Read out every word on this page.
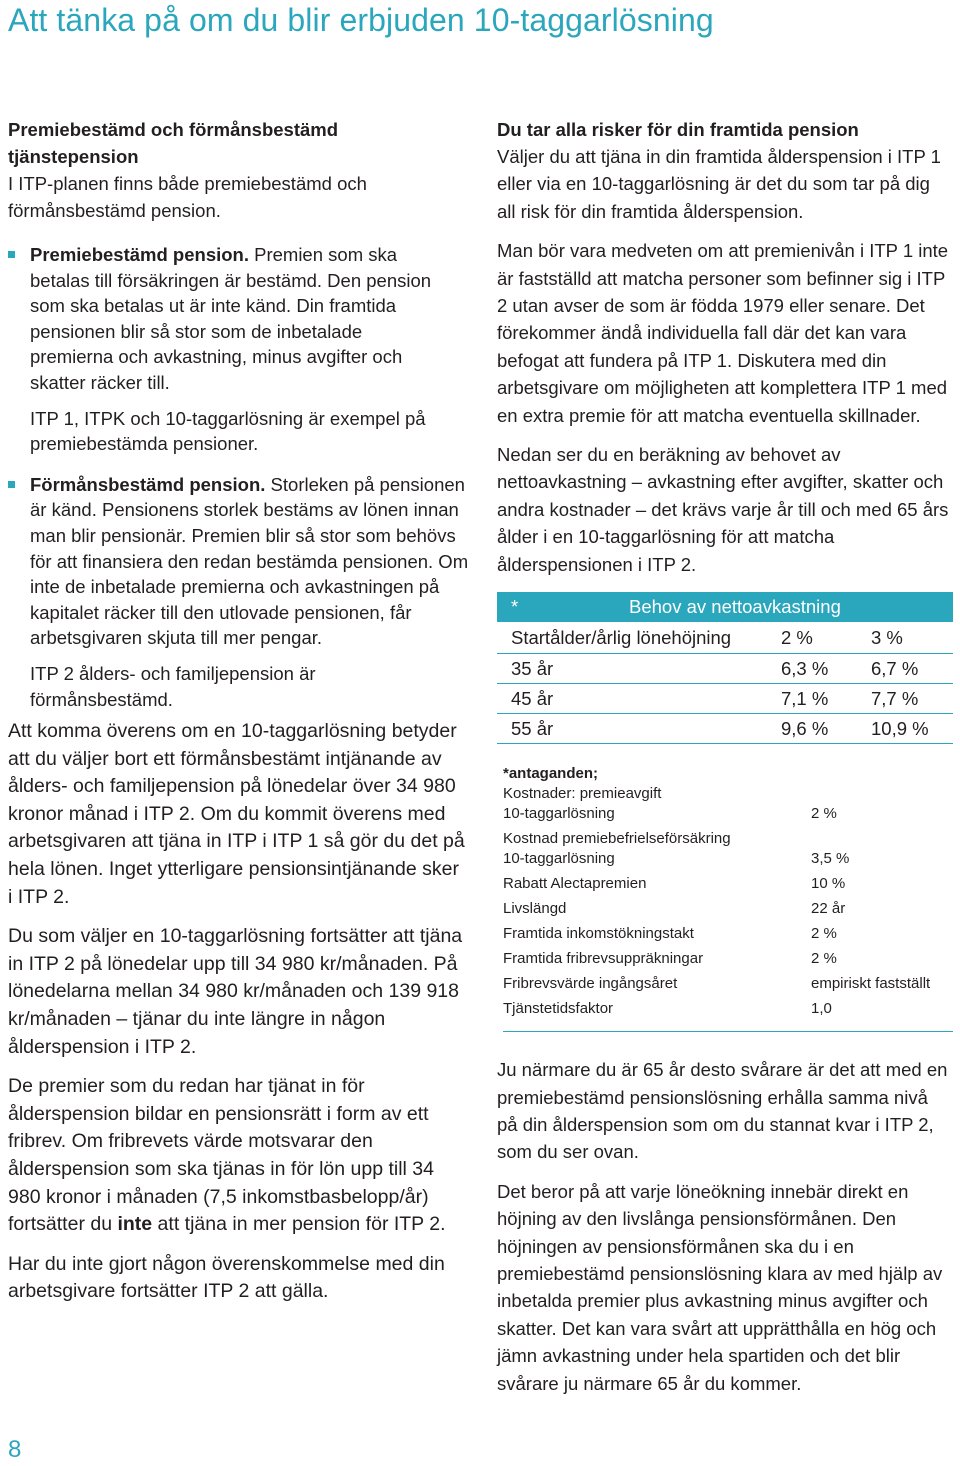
Att tänka på om du blir erbjuden 10-taggarlösning
Premiebestämd och förmånsbestämd
tjänstepension

I ITP-planen finns både premiebestämd och förmånsbestämd pension.

Premiebestämd pension. Premien som ska betalas till försäkringen är bestämd. Den pension som ska betalas ut är inte känd. Din framtida pensionen blir så stor som de inbetalade premierna och avkastning, minus avgifter och skatter räcker till.
ITP 1, ITPK och 10-taggarlösning är exempel på premiebestämda pensioner.
Förmånsbestämd pension. Storleken på pensionen är känd. Pensionens storlek bestäms av lönen innan man blir pensionär. Premien blir så stor som behövs för att finansiera den redan bestämda pensionen. Om inte de inbetalade premierna och avkastningen på kapitalet räcker till den utlovade pensionen, får arbetsgivaren skjuta till mer pengar.
ITP 2 ålders- och familjepension är förmånsbestämd.

Att komma överens om en 10-taggarlösning betyder att du väljer bort ett förmånsbestämt intjänande av ålders- och familjepension på lönedelar över 34 980 kronor månad i ITP 2. Om du kommit överens med arbetsgivaren att tjäna in ITP i ITP 1 så gör du det på hela lönen. Inget ytterligare pensionsintjänande sker i ITP 2.

Du som väljer en 10-taggarlösning fortsätter att tjäna in ITP 2 på lönedelar upp till 34 980 kr/månaden. På lönedelarna mellan 34 980 kr/månaden och 139 918 kr/månaden – tjänar du inte längre in någon ålderspension i ITP 2.

De premier som du redan har tjänat in för ålderspension bildar en pensionsrätt i form av ett fribrev. Om fribrevets värde motsvarar den ålderspension som ska tjänas in för lön upp till 34 980 kronor i månaden (7,5 inkomstbasbelopp/år) fortsätter du inte att tjäna in mer pension för ITP 2.

Har du inte gjort någon överenskommelse med din arbetsgivare fortsätter ITP 2 att gälla.

Du tar alla risker för din framtida pension

Väljer du att tjäna in din framtida ålderspension i ITP 1 eller via en 10-taggarlösning är det du som tar på dig all risk för din framtida ålderspension.

Man bör vara medveten om att premienivån i ITP 1 inte är fastställd att matcha personer som befinner sig i ITP 2 utan avser de som är födda 1979 eller senare. Det förekommer ändå individuella fall där det kan vara befogat att fundera på ITP 1. Diskutera med din arbetsgivare om möjligheten att komplettera ITP 1 med en extra premie för att matcha eventuella skillnader.

Nedan ser du en beräkning av behovet av nettoavkastning – avkastning efter avgifter, skatter och andra kostnader – det krävs varje år till och med 65 års ålder i en 10-taggarlösning för att matcha ålderspensionen i ITP 2.

*	Behov av nettoavkastning
Startålder/årlig lönehöjning	2 %	3 %
35 år	6,3 %	6,7 %
45 år	7,1 %	7,7 %
55 år	9,6 %	10,9 %
*antaganden;
Kostnader: premieavgift
10-taggarlösning	2 %
Kostnad premiebefrielseförsäkring
10-taggarlösning	3,5 %
Rabatt Alectapremien	10 %
Livslängd	22 år
Framtida inkomstökningstakt	2 %
Framtida fribrevsuppräkningar	2 %
Fribrevsvärde ingångsåret	empiriskt fastställt
Tjänstetidsfaktor	1,0

Ju närmare du är 65 år desto svårare är det att med en premiebestämd pensionslösning erhålla samma nivå på din ålderspension som om du stannat kvar i ITP 2, som du ser ovan.

Det beror på att varje löneökning innebär direkt en höjning av den livslånga pensionsförmånen. Den höjningen av pensionsförmånen ska du i en premiebestämd pensionslösning klara av med hjälp av inbetalda premier plus avkastning minus avgifter och skatter. Det kan vara svårt att upprätthålla en hög och jämn avkastning under hela spartiden och det blir svårare ju närmare 65 år du kommer.

8
